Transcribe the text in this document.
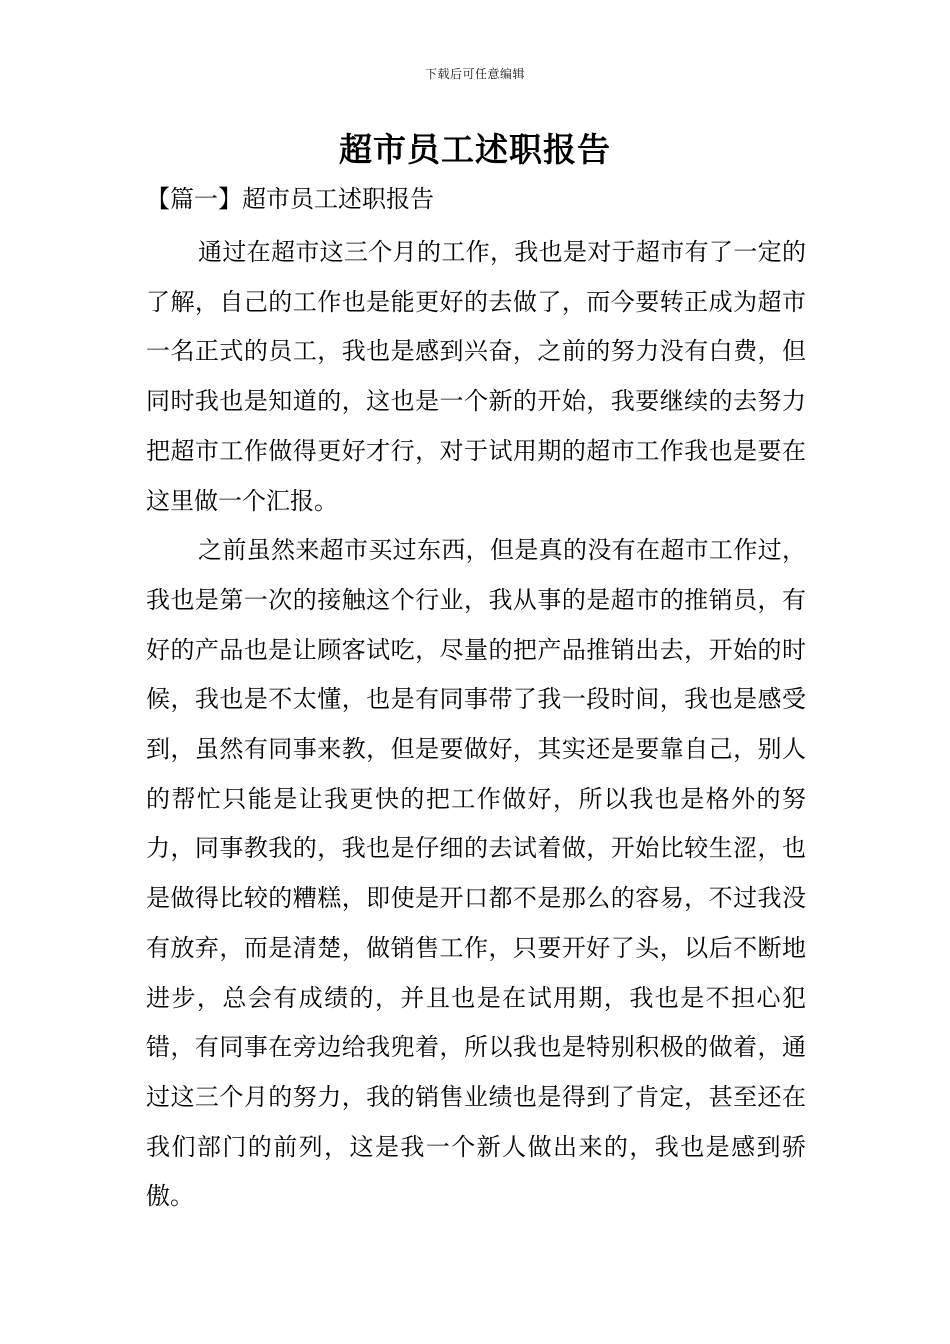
下载后可任意编辑
超市员工述职报告
【篇一】超市员工述职报告

通过在超市这三个月的工作，我也是对于超市有了一定的了解，自己的工作也是能更好的去做了，而今要转正成为超市一名正式的员工，我也是感到兴奋，之前的努力没有白费，但同时我也是知道的，这也是一个新的开始，我要继续的去努力把超市工作做得更好才行，对于试用期的超市工作我也是要在这里做一个汇报。

之前虽然来超市买过东西，但是真的没有在超市工作过，我也是第一次的接触这个行业，我从事的是超市的推销员，有好的产品也是让顾客试吃，尽量的把产品推销出去，开始的时候，我也是不太懂，也是有同事带了我一段时间，我也是感受到，虽然有同事来教，但是要做好，其实还是要靠自己，别人的帮忙只能是让我更快的把工作做好，所以我也是格外的努力，同事教我的，我也是仔细的去试着做，开始比较生涩，也是做得比较的糟糕，即使是开口都不是那么的容易，不过我没有放弃，而是清楚，做销售工作，只要开好了头，以后不断地进步，总会有成绩的，并且也是在试用期，我也是不担心犯错，有同事在旁边给我兜着，所以我也是特别积极的做着，通过这三个月的努力，我的销售业绩也是得到了肯定，甚至还在我们部门的前列，这是我一个新人做出来的，我也是感到骄傲。
